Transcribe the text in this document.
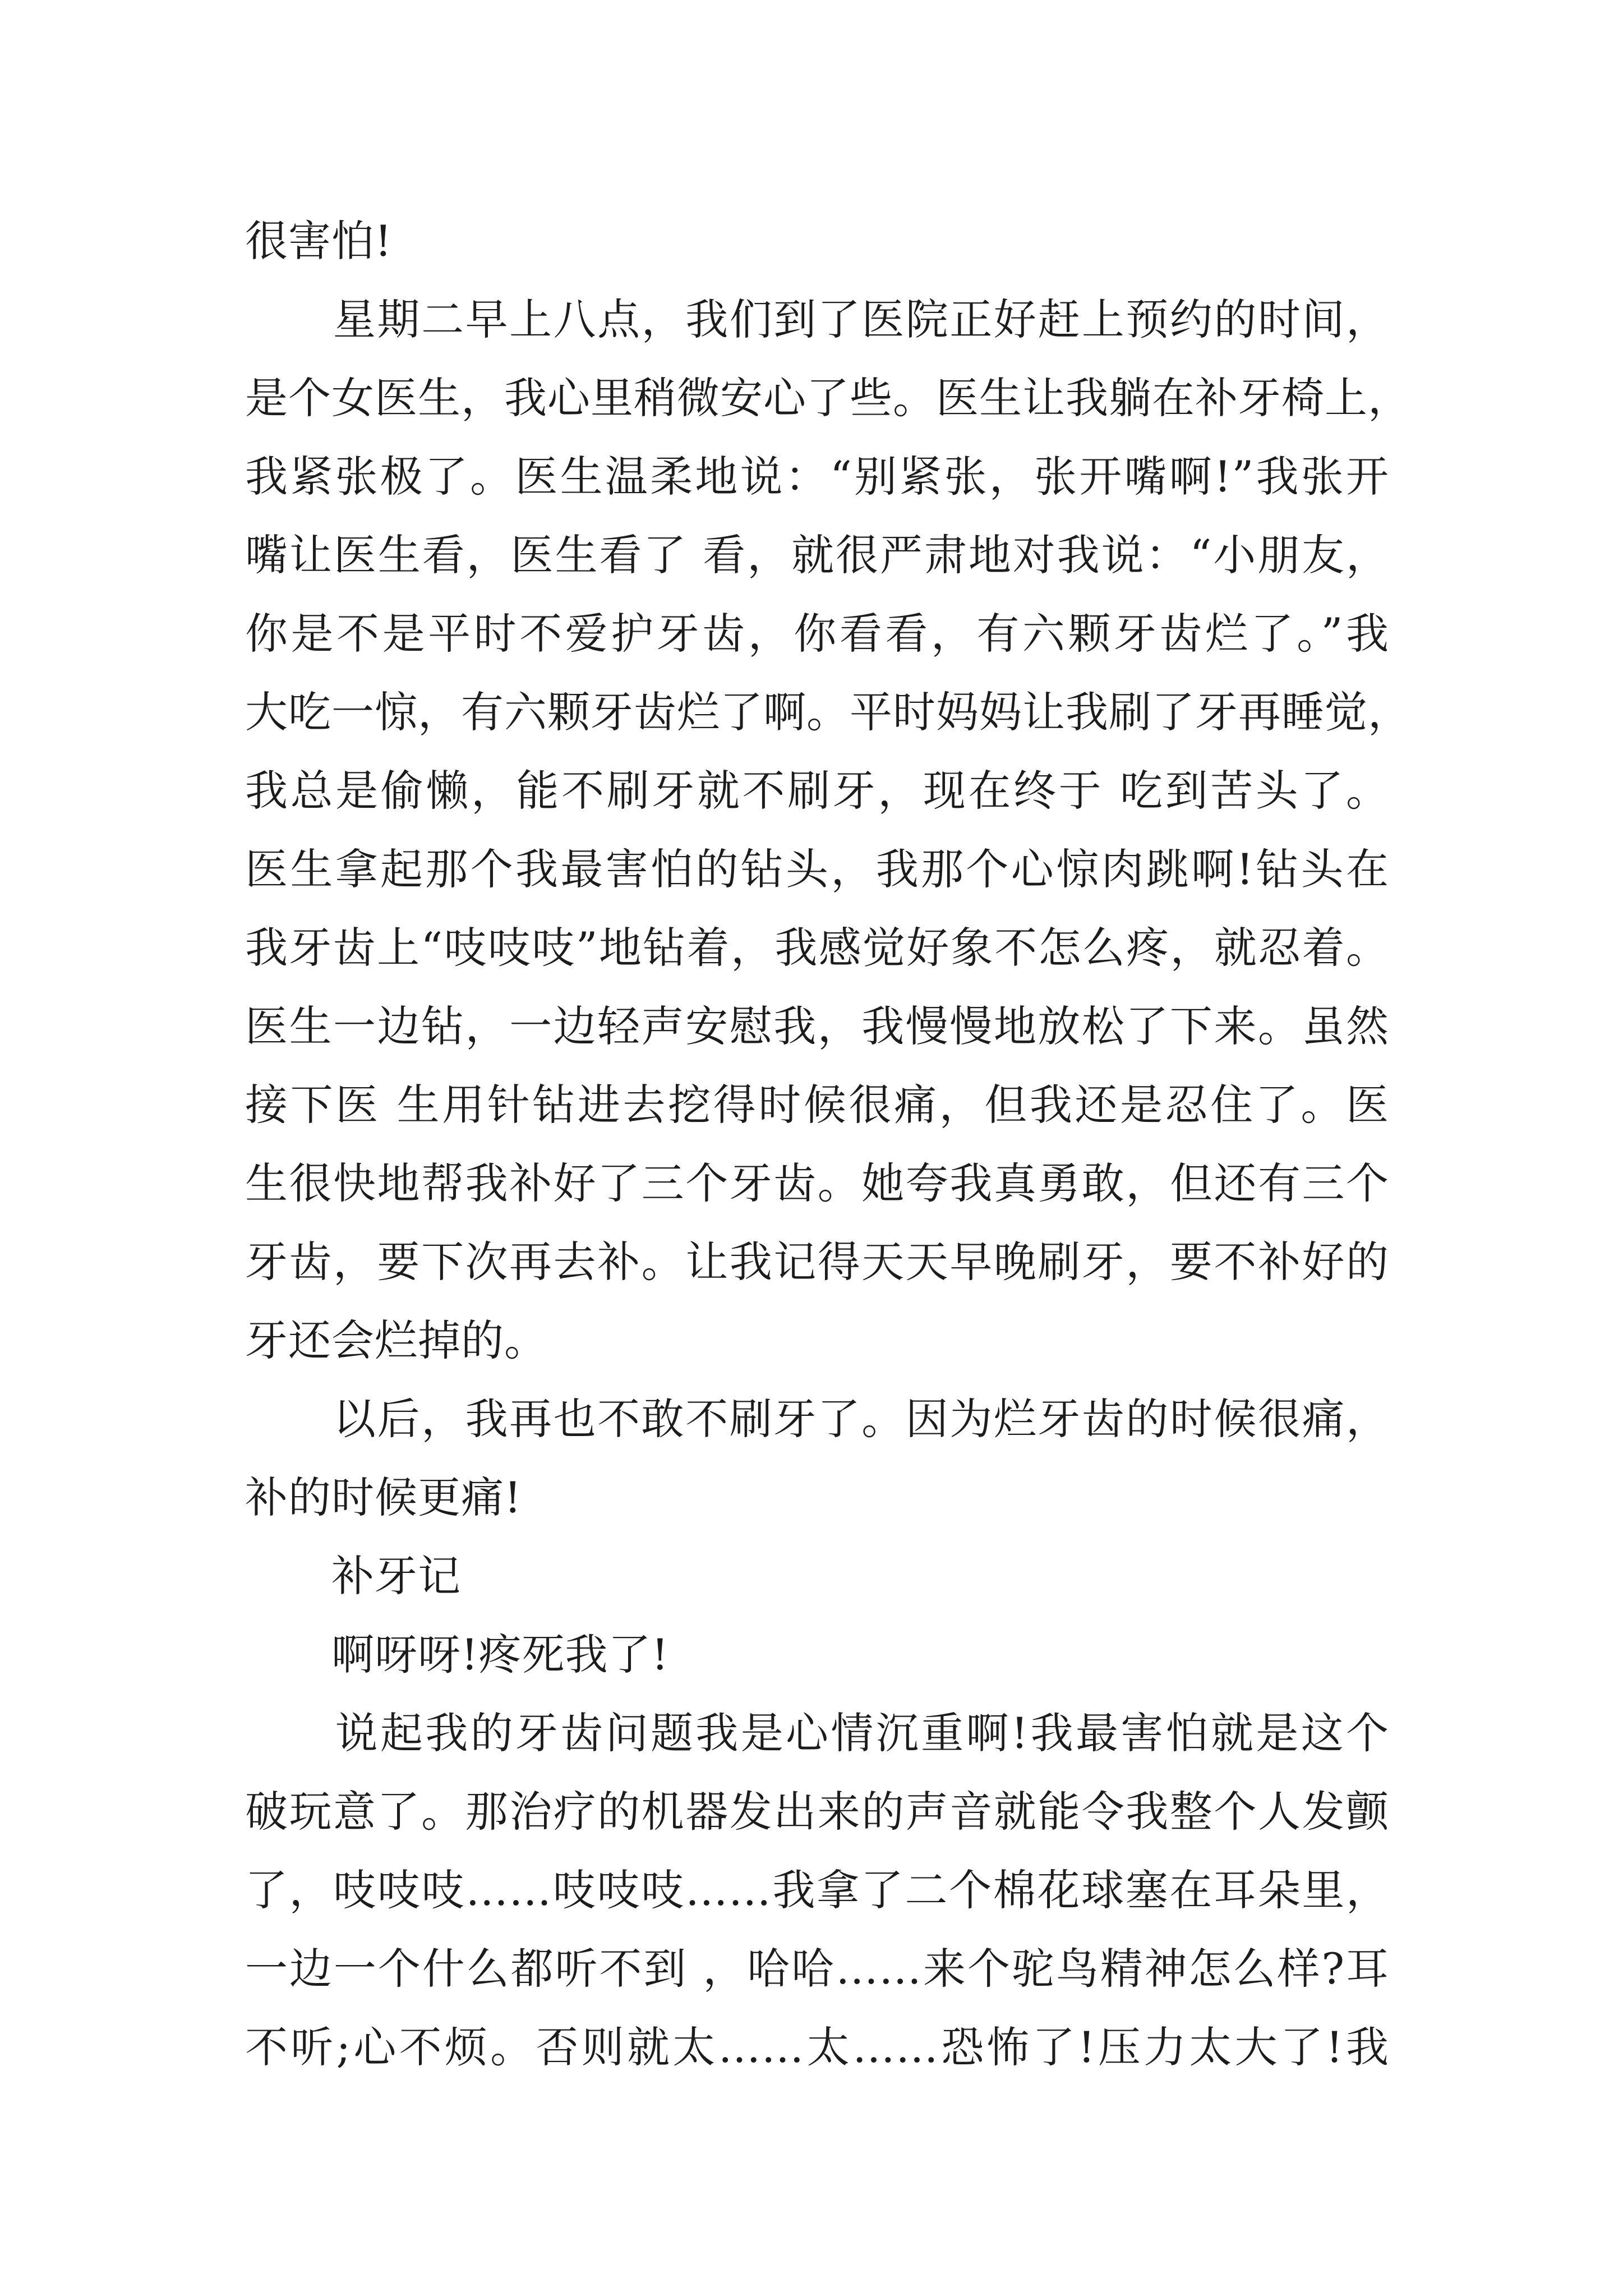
很害怕!
　　星期二早上八点，我们到了医院正好赶上预约的时间，
是个女医生，我心里稍微安心了些。医生让我躺在补牙椅上，
我紧张极了。医生温柔地说：“别紧张，张开嘴啊!”我张开
嘴让医生看，医生看了 看，就很严肃地对我说：“小朋友，
你是不是平时不爱护牙齿，你看看，有六颗牙齿烂了。”我
大吃一惊，有六颗牙齿烂了啊。平时妈妈让我刷了牙再睡觉，
我总是偷懒，能不刷牙就不刷牙，现在终于 吃到苦头了。
医生拿起那个我最害怕的钻头，我那个心惊肉跳啊!钻头在
我牙齿上“吱吱吱”地钻着，我感觉好象不怎么疼，就忍着。
医生一边钻，一边轻声安慰我，我慢慢地放松了下来。虽然
接下医 生用针钻进去挖得时候很痛，但我还是忍住了。医
生很快地帮我补好了三个牙齿。她夸我真勇敢，但还有三个
牙齿，要下次再去补。让我记得天天早晚刷牙，要不补好的
牙还会烂掉的。
　　以后，我再也不敢不刷牙了。因为烂牙齿的时候很痛，
补的时候更痛!
　　补牙记
　　啊呀呀!疼死我了!
　　说起我的牙齿问题我是心情沉重啊!我最害怕就是这个
破玩意了。那治疗的机器发出来的声音就能令我整个人发颤
了，吱吱吱……吱吱吱……我拿了二个棉花球塞在耳朵里，
一边一个什么都听不到 ，哈哈……来个驼鸟精神怎么样?耳
不听;心不烦。否则就太……太……恐怖了!压力太大了!我
